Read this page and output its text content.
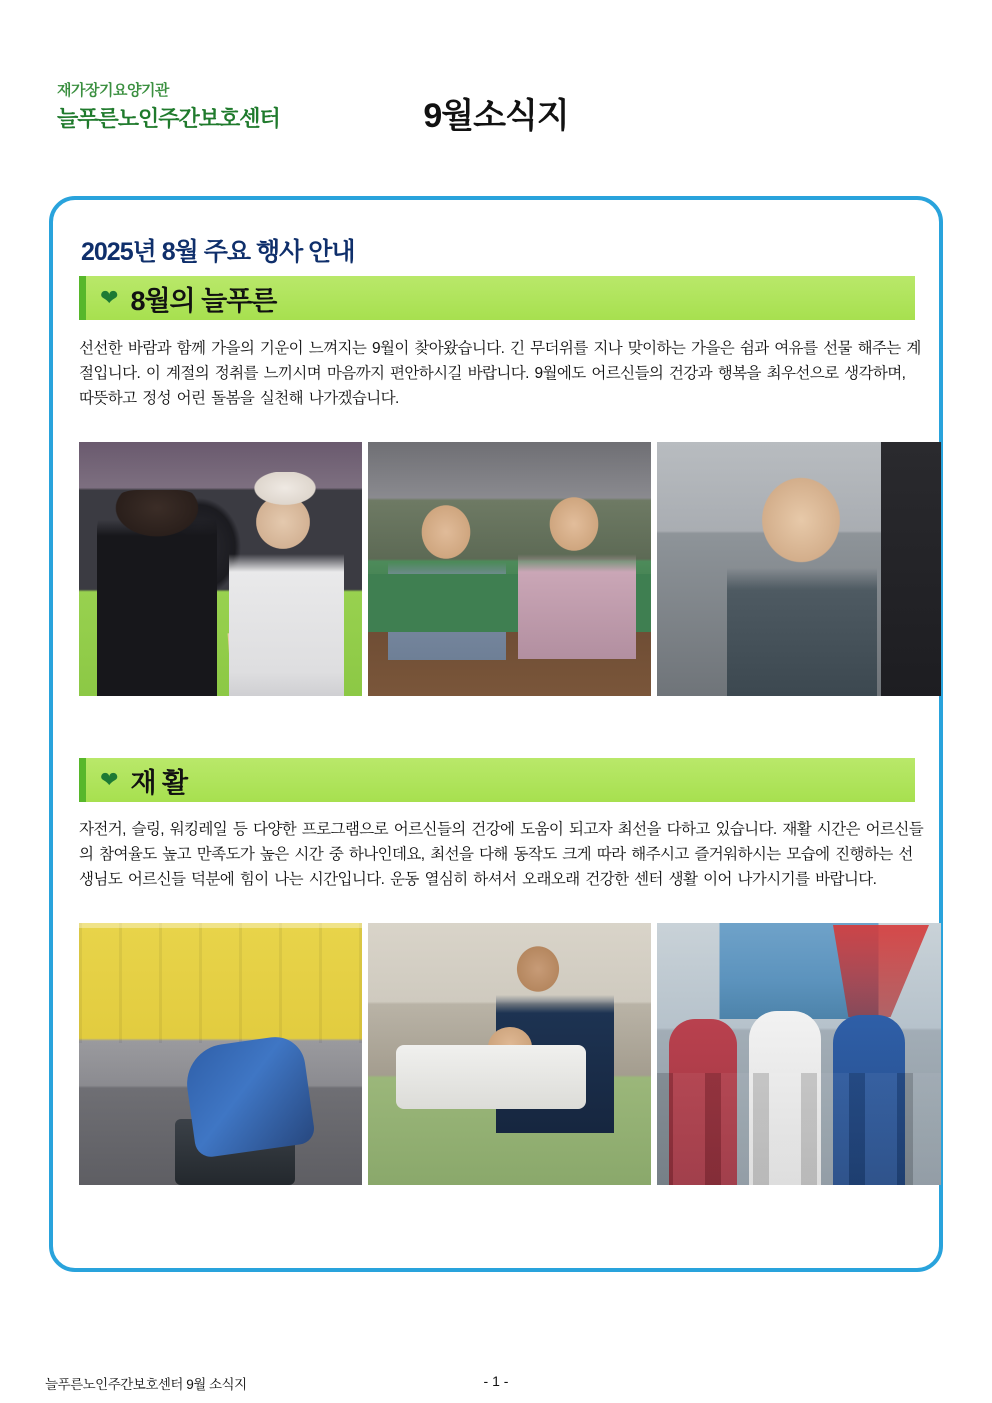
재가장기요양기관
늘푸른노인주간보호센터	9월소식지
2025년 8월 주요 행사 안내
❤ 8월의 늘푸른
선선한 바람과 함께 가을의 기운이 느껴지는 9월이 찾아왔습니다. 긴 무더위를 지나 맞이하는 가을은 쉼과 여유를 선물 해주는 계절입니다. 이 계절의 정취를 느끼시며 마음까지 편안하시길 바랍니다. 9월에도 어르신들의 건강과 행복을 최우선으로 생각하며, 따뜻하고 정성 어린 돌봄을 실천해 나가겠습니다.
❤ 재 활
자전거, 슬링, 워킹레일 등 다양한 프로그램으로 어르신들의 건강에 도움이 되고자 최선을 다하고 있습니다. 재활 시간은 어르신들의 참여율도 높고 만족도가 높은 시간 중 하나인데요, 최선을 다해 동작도 크게 따라 해주시고 즐거워하시는 모습에 진행하는 선생님도 어르신들 덕분에 힘이 나는 시간입니다. 운동 열심히 하셔서 오래오래 건강한 센터 생활 이어 나가시기를 바랍니다.
늘푸른노인주간보호센터 9월 소식지	- 1 -
